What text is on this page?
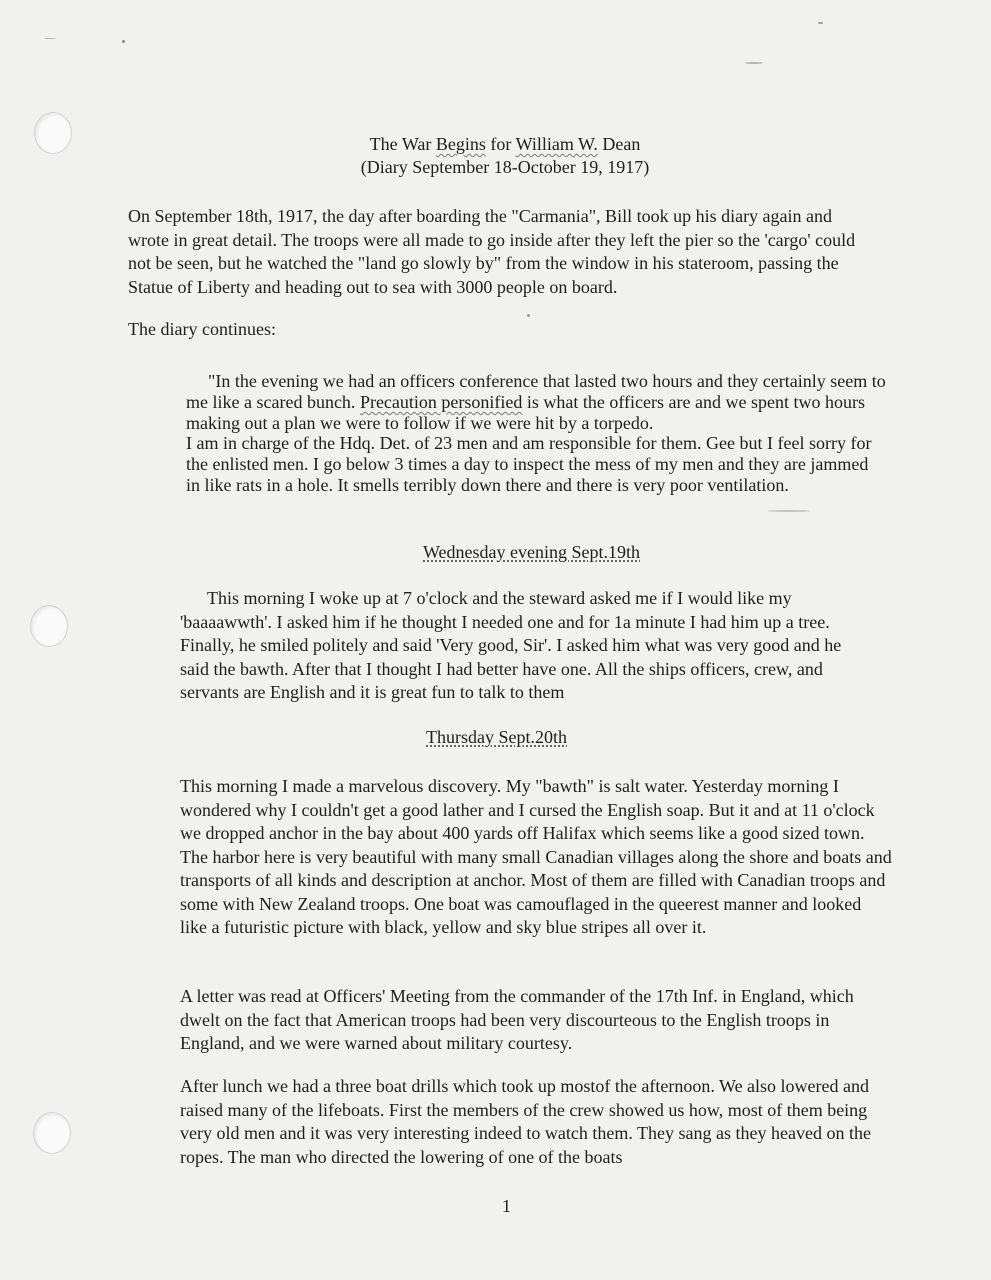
The War Begins for William W. Dean
(Diary September 18-October 19, 1917)

On September 18th, 1917, the day after boarding the "Carmania", Bill took up his diary again and wrote in great detail. The troops were all made to go inside after they left the pier so the 'cargo' could not be seen, but he watched the "land go slowly by" from the window in his stateroom, passing the Statue of Liberty and heading out to sea with 3000 people on board.

The diary continues:

"In the evening we had an officers conference that lasted two hours and they certainly seem to me like a scared bunch. Precaution personified is what the officers are and we spent two hours making out a plan we were to follow if we were hit by a torpedo.

I am in charge of the Hdq. Det. of 23 men and am responsible for them. Gee but I feel sorry for the enlisted men. I go below 3 times a day to inspect the mess of my men and they are jammed in like rats in a hole. It smells terribly down there and there is very poor ventilation.

Wednesday evening Sept.19th

This morning I woke up at 7 o'clock and the steward asked me if I would like my 'baaaawwth'. I asked him if he thought I needed one and for 1a minute I had him up a tree. Finally, he smiled politely and said 'Very good, Sir'. I asked him what was very good and he said the bawth. After that I thought I had better have one. All the ships officers, crew, and servants are English and it is great fun to talk to them

Thursday Sept.20th

This morning I made a marvelous discovery. My "bawth" is salt water. Yesterday morning I wondered why I couldn't get a good lather and I cursed the English soap. But it and at 11 o'clock we dropped anchor in the bay about 400 yards off Halifax which seems like a good sized town. The harbor here is very beautiful with many small Canadian villages along the shore and boats and transports of all kinds and description at anchor. Most of them are filled with Canadian troops and some with New Zealand troops. One boat was camouflaged in the queerest manner and looked like a futuristic picture with black, yellow and sky blue stripes all over it.

A letter was read at Officers' Meeting from the commander of the 17th Inf. in England, which dwelt on the fact that American troops had been very discourteous to the English troops in England, and we were warned about military courtesy.

After lunch we had a three boat drills which took up mostof the afternoon. We also lowered and raised many of the lifeboats. First the members of the crew showed us how, most of them being very old men and it was very interesting indeed to watch them. They sang as they heaved on the ropes. The man who directed the lowering of one of the boats

1
